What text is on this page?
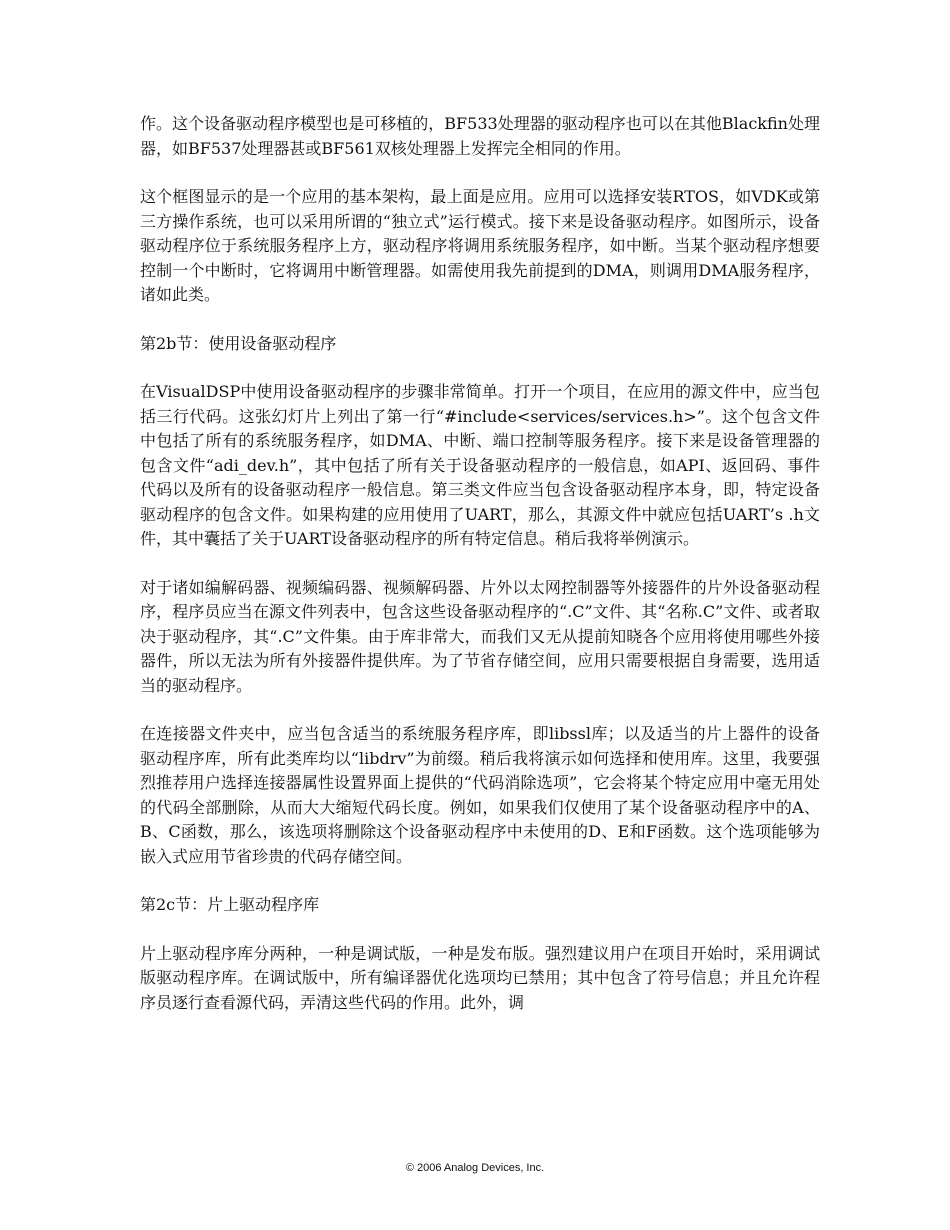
作。这个设备驱动程序模型也是可移植的，BF533处理器的驱动程序也可以在其他Blackfin处理器，如BF537处理器甚或BF561双核处理器上发挥完全相同的作用。

这个框图显示的是一个应用的基本架构，最上面是应用。应用可以选择安装RTOS，如VDK或第三方操作系统，也可以采用所谓的“独立式”运行模式。接下来是设备驱动程序。如图所示，设备驱动程序位于系统服务程序上方，驱动程序将调用系统服务程序，如中断。当某个驱动程序想要控制一个中断时，它将调用中断管理器。如需使用我先前提到的DMA，则调用DMA服务程序，诸如此类。

第2b节：使用设备驱动程序

在VisualDSP中使用设备驱动程序的步骤非常简单。打开一个项目，在应用的源文件中，应当包括三行代码。这张幻灯片上列出了第一行“#include<services/services.h>”。这个包含文件中包括了所有的系统服务程序，如DMA、中断、端口控制等服务程序。接下来是设备管理器的包含文件“adi_dev.h”，其中包括了所有关于设备驱动程序的一般信息，如API、返回码、事件代码以及所有的设备驱动程序一般信息。第三类文件应当包含设备驱动程序本身，即，特定设备驱动程序的包含文件。如果构建的应用使用了UART，那么，其源文件中就应包括UART’s .h文件，其中囊括了关于UART设备驱动程序的所有特定信息。稍后我将举例演示。

对于诸如编解码器、视频编码器、视频解码器、片外以太网控制器等外接器件的片外设备驱动程序，程序员应当在源文件列表中，包含这些设备驱动程序的“.C”文件、其“名称.C”文件、或者取决于驱动程序，其“.C”文件集。由于库非常大，而我们又无从提前知晓各个应用将使用哪些外接器件，所以无法为所有外接器件提供库。为了节省存储空间，应用只需要根据自身需要，选用适当的驱动程序。

在连接器文件夹中，应当包含适当的系统服务程序库，即libssl库；以及适当的片上器件的设备驱动程序库，所有此类库均以“libdrv”为前缀。稍后我将演示如何选择和使用库。这里，我要强烈推荐用户选择连接器属性设置界面上提供的“代码消除选项”，它会将某个特定应用中毫无用处的代码全部删除，从而大大缩短代码长度。例如，如果我们仅使用了某个设备驱动程序中的A、B、C函数，那么，该选项将删除这个设备驱动程序中未使用的D、E和F函数。这个选项能够为嵌入式应用节省珍贵的代码存储空间。

第2c节：片上驱动程序库

片上驱动程序库分两种，一种是调试版，一种是发布版。强烈建议用户在项目开始时，采用调试版驱动程序库。在调试版中，所有编译器优化选项均已禁用；其中包含了符号信息；并且允许程序员逐行查看源代码，弄清这些代码的作用。此外，调

© 2006 Analog Devices, Inc.
